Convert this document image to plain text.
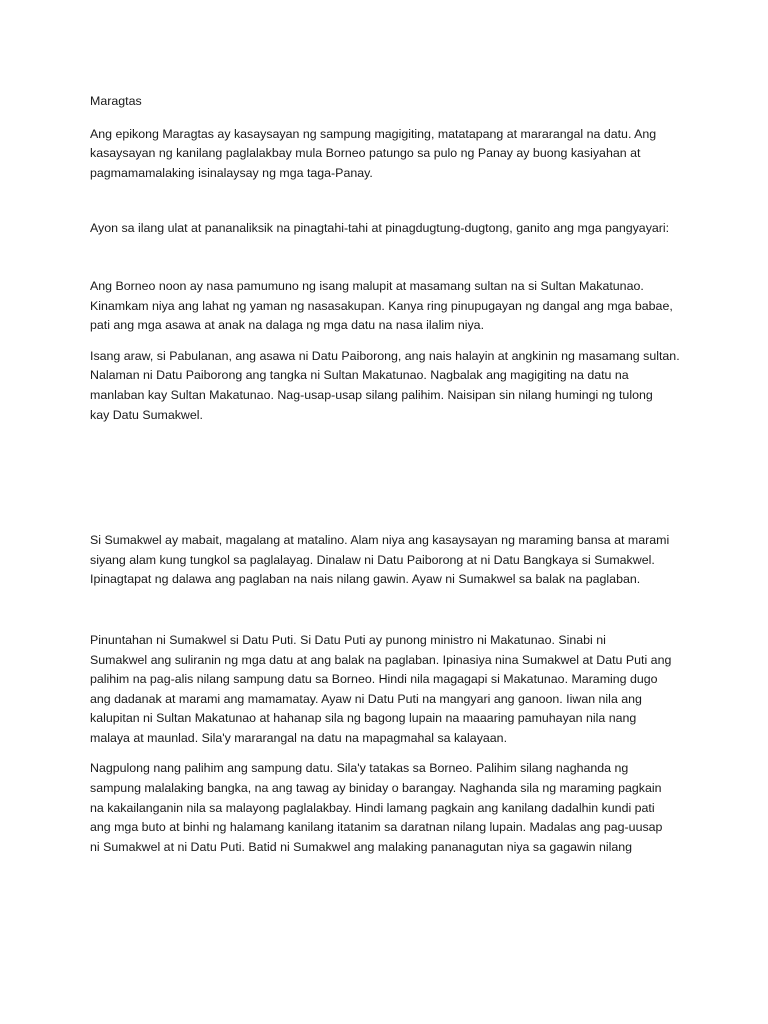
Maragtas

Ang epikong Maragtas ay kasaysayan ng sampung magigiting, matatapang at mararangal na datu. Ang
kasaysayan ng kanilang paglalakbay mula Borneo patungo sa pulo ng Panay ay buong kasiyahan at
pagmamamalaking isinalaysay ng mga taga-Panay.

Ayon sa ilang ulat at pananaliksik na pinagtahi-tahi at pinagdugtung-dugtong, ganito ang mga pangyayari:

Ang Borneo noon ay nasa pamumuno ng isang malupit at masamang sultan na si Sultan Makatunao.
Kinamkam niya ang lahat ng yaman ng nasasakupan. Kanya ring pinupugayan ng dangal ang mga babae,
pati ang mga asawa at anak na dalaga ng mga datu na nasa ilalim niya.

Isang araw, si Pabulanan, ang asawa ni Datu Paiborong, ang nais halayin at angkinin ng masamang sultan.
Nalaman ni Datu Paiborong ang tangka ni Sultan Makatunao. Nagbalak ang magigiting na datu na
manlaban kay Sultan Makatunao. Nag-usap-usap silang palihim. Naisipan sin nilang humingi ng tulong
kay Datu Sumakwel.

Si Sumakwel ay mabait, magalang at matalino. Alam niya ang kasaysayan ng maraming bansa at marami
siyang alam kung tungkol sa paglalayag. Dinalaw ni Datu Paiborong at ni Datu Bangkaya si Sumakwel.
Ipinagtapat ng dalawa ang paglaban na nais nilang gawin. Ayaw ni Sumakwel sa balak na paglaban.

Pinuntahan ni Sumakwel si Datu Puti. Si Datu Puti ay punong ministro ni Makatunao. Sinabi ni
Sumakwel ang suliranin ng mga datu at ang balak na paglaban. Ipinasiya nina Sumakwel at Datu Puti ang
palihim na pag-alis nilang sampung datu sa Borneo. Hindi nila magagapi si Makatunao. Maraming dugo
ang dadanak at marami ang mamamatay. Ayaw ni Datu Puti na mangyari ang ganoon. Iiwan nila ang
kalupitan ni Sultan Makatunao at hahanap sila ng bagong lupain na maaaring pamuhayan nila nang
malaya at maunlad. Sila'y mararangal na datu na mapagmahal sa kalayaan.

Nagpulong nang palihim ang sampung datu. Sila'y tatakas sa Borneo. Palihim silang naghanda ng
sampung malalaking bangka, na ang tawag ay biniday o barangay. Naghanda sila ng maraming pagkain
na kakailanganin nila sa malayong paglalakbay. Hindi lamang pagkain ang kanilang dadalhin kundi pati
ang mga buto at binhi ng halamang kanilang itatanim sa daratnan nilang lupain. Madalas ang pag-uusap
ni Sumakwel at ni Datu Puti. Batid ni Sumakwel ang malaking pananagutan niya sa gagawin nilang
